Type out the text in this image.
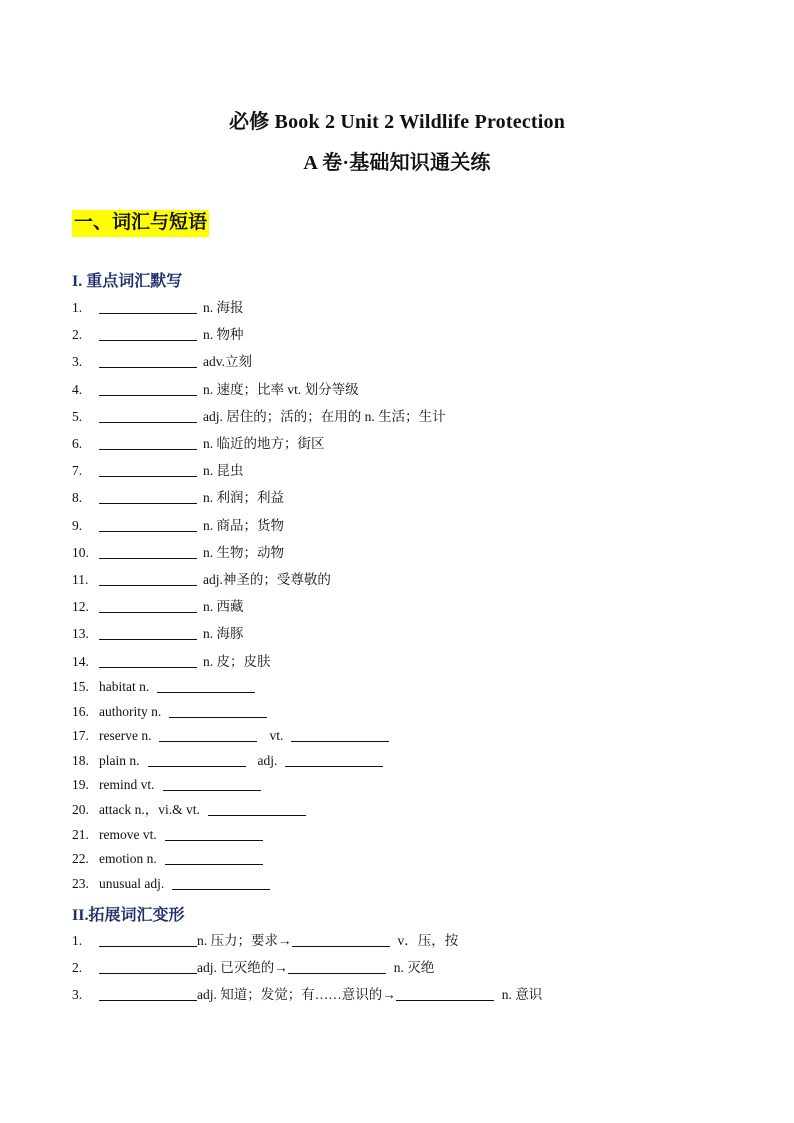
必修 Book 2 Unit 2 Wildlife Protection
A 卷·基础知识通关练
一、词汇与短语
I. 重点词汇默写
1.	n. 海报
2.	n. 物种
3.	adv.立刻
4.	n. 速度；比率 vt. 划分等级
5.	adj. 居住的；活的；在用的 n. 生活；生计
6.	n. 临近的地方；街区
7.	n. 昆虫
8.	n. 利润；利益
9.	n. 商品；货物
10.	n. 生物；动物
11.	adj.神圣的；受尊敬的
12.	n. 西藏
13.	n. 海豚
14.	n. 皮；皮肤
15. habitat n.
16. authority n.
17. reserve n.	vt.
18. plain n.	adj.
19. remind vt.
20. attack n.，vi.& vt.
21. remove vt.
22. emotion n.
23. unusual adj.
II.拓展词汇变形
1.	n. 压力；要求→	v．压，按
2.	adj. 已灭绝的→	n. 灭绝
3.	adj. 知道；发觉；有……意识的→	n. 意识
